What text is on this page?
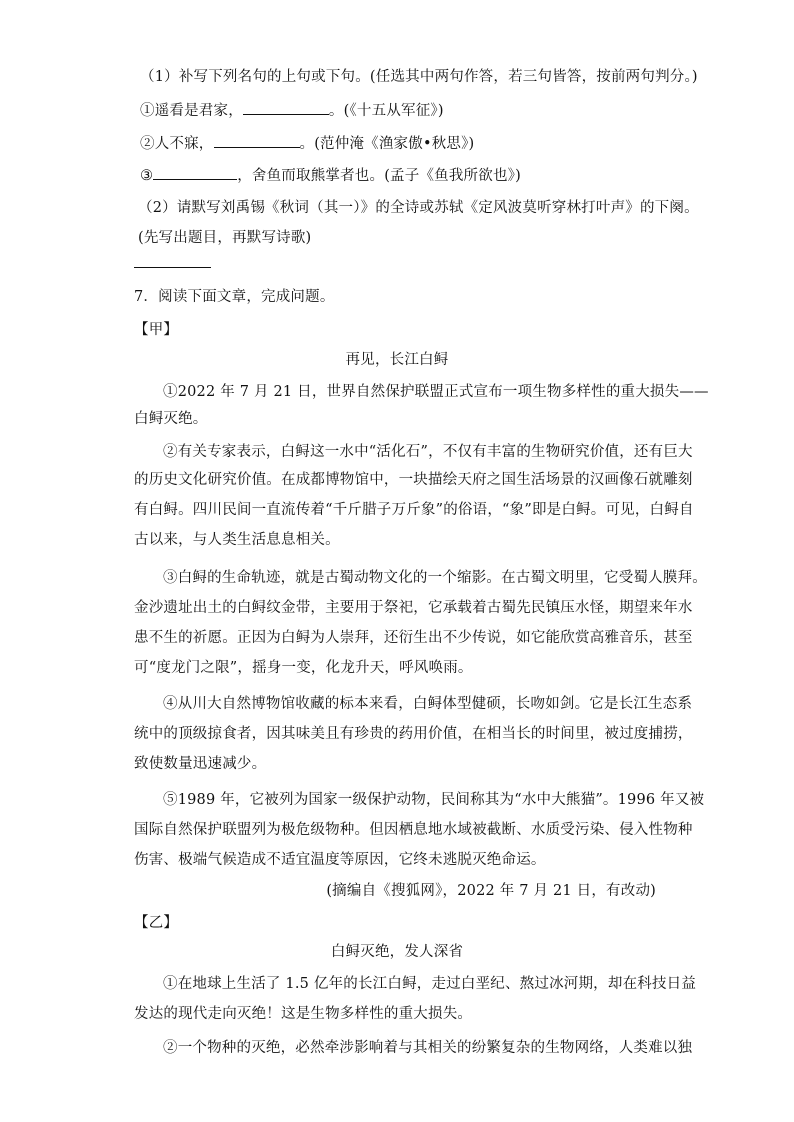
（1）补写下列名句的上句或下句。(任选其中两句作答，若三句皆答，按前两句判分。)
①遥看是君家，	。(《十五从军征》)
②人不寐，	。(范仲淹《渔家傲•秋思》)
③	，舍鱼而取熊掌者也。(孟子《鱼我所欲也》)
（2）请默写刘禹锡《秋词（其一）》的全诗或苏轼《定风波莫听穿林打叶声》的下阕。
(先写出题目，再默写诗歌)
7．阅读下面文章，完成问题。
【甲】
再见，长江白鲟
①2022 年 7 月 21 日，世界自然保护联盟正式宣布一项生物多样性的重大损失——
白鲟灭绝。
②有关专家表示，白鲟这一水中“活化石”，不仅有丰富的生物研究价值，还有巨大
的历史文化研究价值。在成都博物馆中，一块描绘天府之国生活场景的汉画像石就雕刻
有白鲟。四川民间一直流传着“千斤腊子万斤象”的俗语，“象”即是白鲟。可见，白鲟自
古以来，与人类生活息息相关。
③白鲟的生命轨迹，就是古蜀动物文化的一个缩影。在古蜀文明里，它受蜀人膜拜。
金沙遗址出土的白鲟纹金带，主要用于祭祀，它承载着古蜀先民镇压水怪，期望来年水
患不生的祈愿。正因为白鲟为人崇拜，还衍生出不少传说，如它能欣赏高雅音乐，甚至
可“度龙门之限”，摇身一变，化龙升天，呼风唤雨。
④从川大自然博物馆收藏的标本来看，白鲟体型健硕，长吻如剑。它是长江生态系
统中的顶级掠食者，因其味美且有珍贵的药用价值，在相当长的时间里，被过度捕捞，
致使数量迅速减少。
⑤1989 年，它被列为国家一级保护动物，民间称其为“水中大熊猫”。1996 年又被
国际自然保护联盟列为极危级物种。但因栖息地水域被截断、水质受污染、侵入性物种
伤害、极端气候造成不适宜温度等原因，它终未逃脱灭绝命运。
(摘编自《搜狐网》，2022 年 7 月 21 日，有改动)
【乙】
白鲟灭绝，发人深省
①在地球上生活了 1.5 亿年的长江白鲟，走过白垩纪、熬过冰河期，却在科技日益
发达的现代走向灭绝！这是生物多样性的重大损失。
②一个物种的灭绝，必然牵涉影响着与其相关的纷繁复杂的生物网络，人类难以独
